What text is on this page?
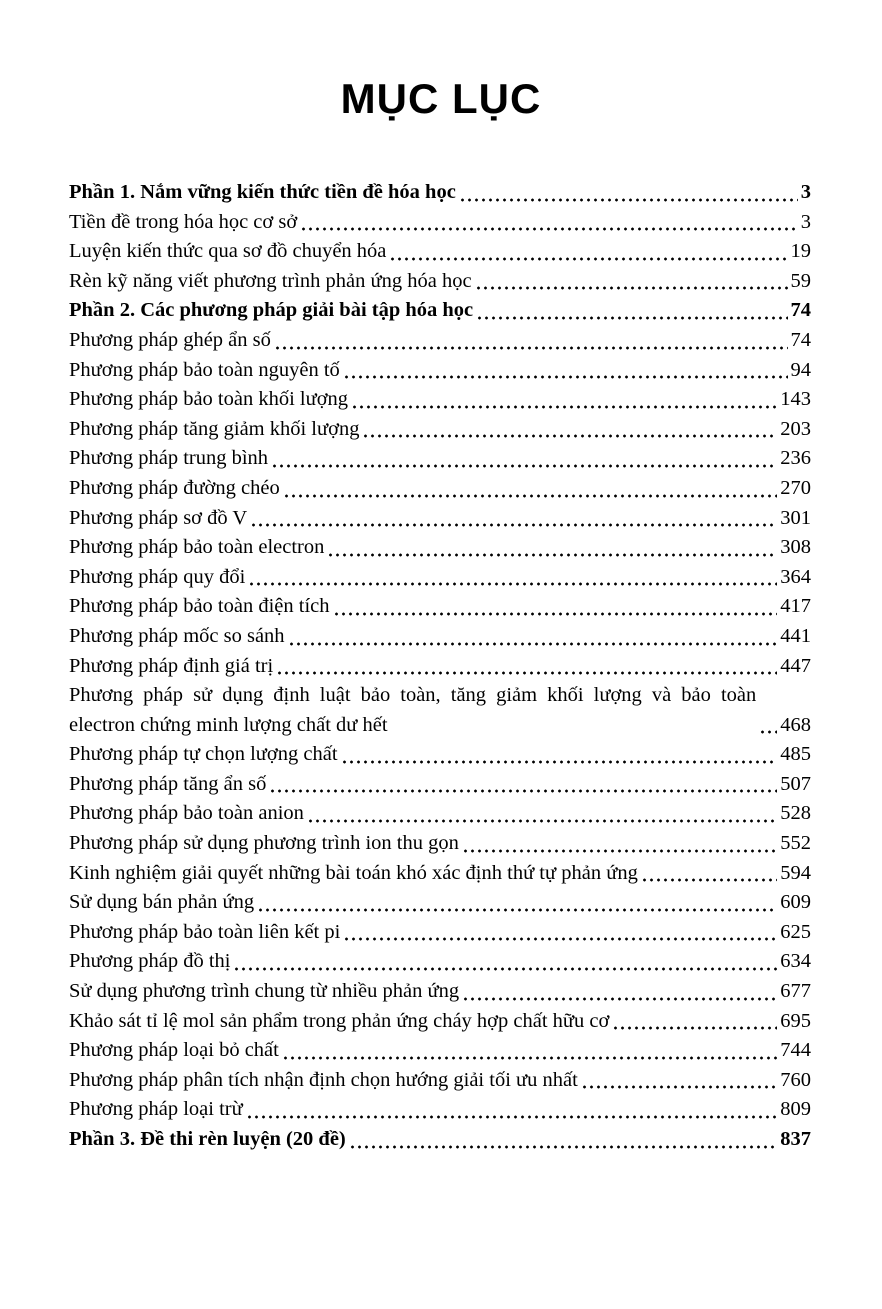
MỤC LỤC
Phần 1. Nắm vững kiến thức tiền đề hóa học	3
Tiền đề trong hóa học cơ sở	3
Luyện kiến thức qua sơ đồ chuyển hóa	19
Rèn kỹ năng viết phương trình phản ứng hóa học	59
Phần 2. Các phương pháp giải bài tập hóa học	74
Phương pháp ghép ẩn số	74
Phương pháp bảo toàn nguyên tố	94
Phương pháp bảo toàn khối lượng	143
Phương pháp tăng giảm khối lượng	203
Phương pháp trung bình	236
Phương pháp đường chéo	270
Phương pháp sơ đồ V	301
Phương pháp bảo toàn electron	308
Phương pháp quy đổi	364
Phương pháp bảo toàn điện tích	417
Phương pháp mốc so sánh	441
Phương pháp định giá trị	447
Phương pháp sử dụng định luật bảo toàn, tăng giảm khối lượng và bảo toàn electron chứng minh lượng chất dư hết	468
Phương pháp tự chọn lượng chất	485
Phương pháp tăng ẩn số	507
Phương pháp bảo toàn anion	528
Phương pháp sử dụng phương trình ion thu gọn	552
Kinh nghiệm giải quyết những bài toán khó xác định thứ tự phản ứng	594
Sử dụng bán phản ứng	609
Phương pháp bảo toàn liên kết pi	625
Phương pháp đồ thị	634
Sử dụng phương trình chung từ nhiều phản ứng	677
Khảo sát tỉ lệ mol sản phẩm trong phản ứng cháy hợp chất hữu cơ	695
Phương pháp loại bỏ chất	744
Phương pháp phân tích nhận định chọn hướng giải tối ưu nhất	760
Phương pháp loại trừ	809
Phần 3. Đề thi rèn luyện (20 đề)	837
